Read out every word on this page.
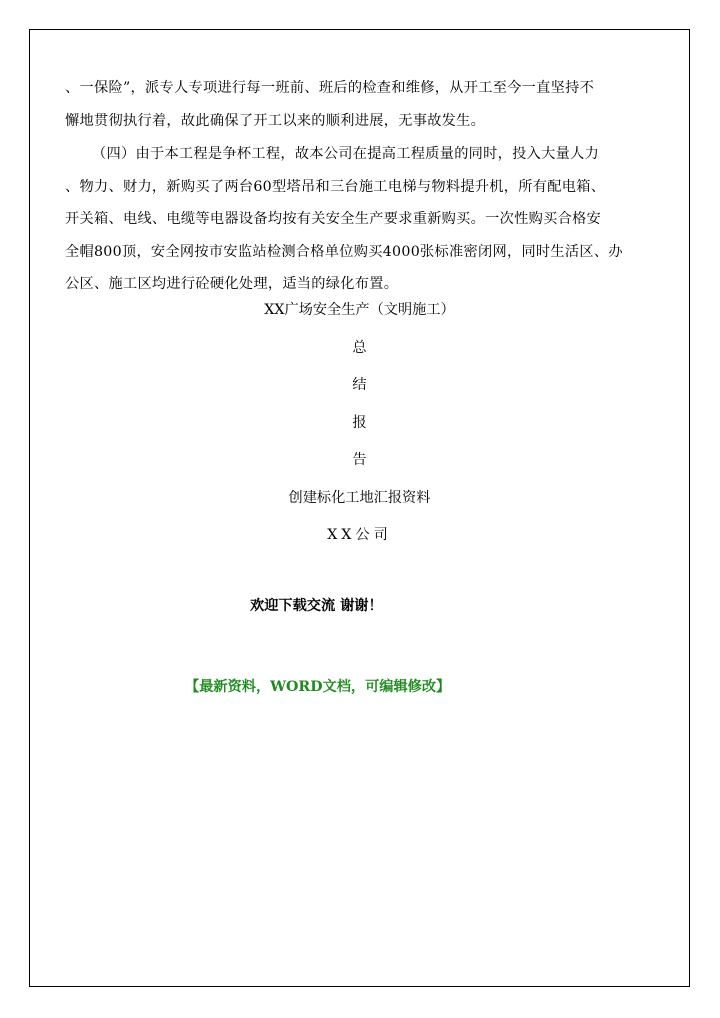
、一保险”，派专人专项进行每一班前、班后的检查和维修，从开工至今一直坚持不
懈地贯彻执行着，故此确保了开工以来的顺利进展，无事故发生。
（四）由于本工程是争杯工程，故本公司在提高工程质量的同时，投入大量人力
、物力、财力，新购买了两台60型塔吊和三台施工电梯与物料提升机，所有配电箱、
开关箱、电线、电缆等电器设备均按有关安全生产要求重新购买。一次性购买合格安
全帽800顶，安全网按市安监站检测合格单位购买4000张标准密闭网，同时生活区、办
公区、施工区均进行砼硬化处理，适当的绿化布置。
XX广场安全生产（文明施工）
总
结
报
告
创建标化工地汇报资料
XX公司
欢迎下载交流 谢谢！
【最新资料，WORD文档，可编辑修改】
